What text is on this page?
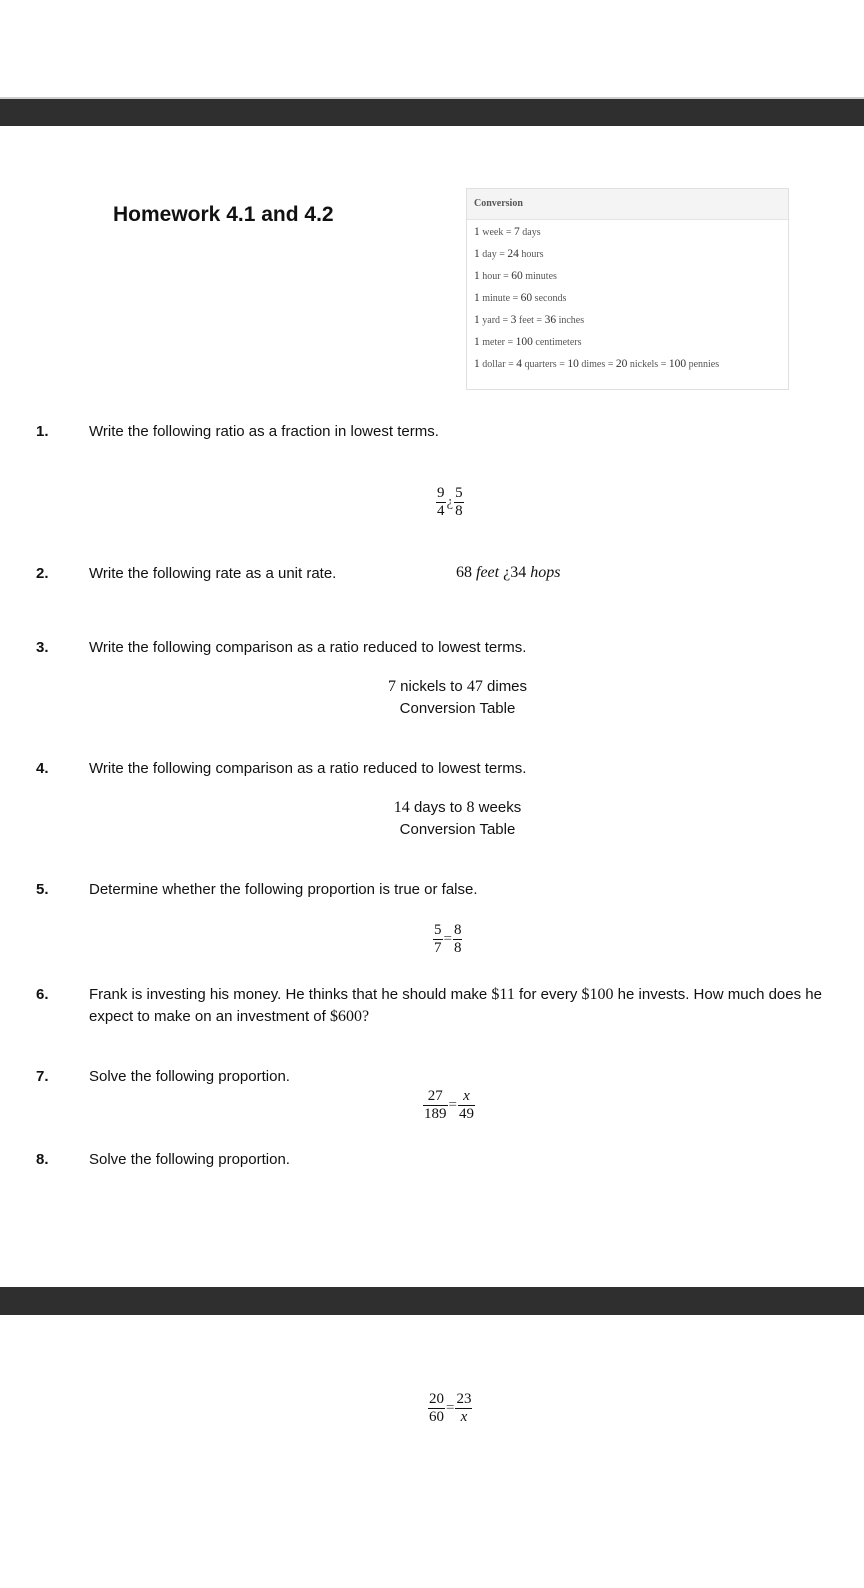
Homework 4.1 and 4.2	Conversion
1 week = 7 days
1 day = 24 hours
1 hour = 60 minutes
1 minute = 60 seconds
1 yard = 3 feet = 36 inches
1 meter = 100 centimeters
1 dollar = 4 quarters = 10 dimes = 20 nickels = 100 pennies
1.	Write the following ratio as a fraction in lowest terms.
$\frac{9}{4}$ ¿ $\frac{5}{8}$
2.	Write the following rate as a unit rate.	68 feet ¿34 hops
3.	Write the following comparison as a ratio reduced to lowest terms.
7 nickels to 47 dimes
Conversion Table
4.	Write the following comparison as a ratio reduced to lowest terms.
14 days to 8 weeks
Conversion Table
5.	Determine whether the following proportion is true or false.
$\frac{5}{7} = \frac{8}{8}$
6.	Frank is investing his money. He thinks that he should make $11 for every $100 he invests. How much does he expect to make on an investment of $600?
7.	Solve the following proportion.
$\frac{27}{189} = \frac{x}{49}$
8.	Solve the following proportion.
$\frac{20}{60} = \frac{23}{x}$
